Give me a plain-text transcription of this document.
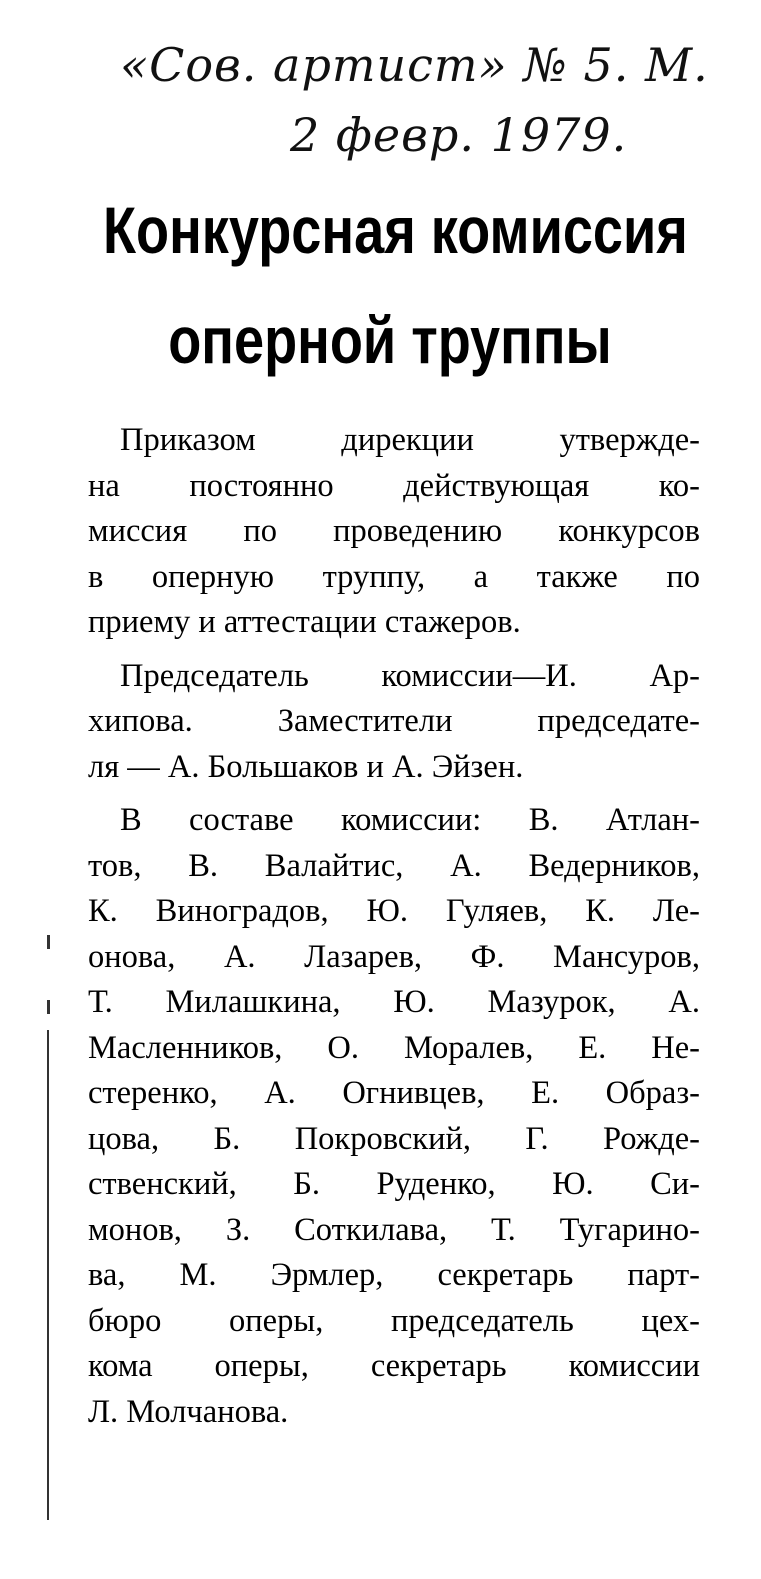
«Сов. артист» № 5. М.
2 февр. 1979.
Конкурсная комиссия
оперной труппы

Приказом дирекции утвержде-
на постоянно действующая ко-
миссия по проведению конкурсов
в оперную труппу, а также по
приему и аттестации стажеров.

Председатель комиссии—И. Ар-
хипова. Заместители председате-
ля — А. Большаков и А. Эйзен.

В составе комиссии: В. Атлан-
тов, В. Валайтис, А. Ведерников,
К. Виноградов, Ю. Гуляев, К. Ле-
онова, А. Лазарев, Ф. Мансуров,
Т. Милашкина, Ю. Мазурок, А.
Масленников, О. Моралев, Е. Не-
стеренко, А. Огнивцев, Е. Образ-
цова, Б. Покровский, Г. Рожде-
ственский, Б. Руденко, Ю. Си-
монов, З. Соткилава, Т. Тугарино-
ва, М. Эрмлер, секретарь парт-
бюро оперы, председатель цех-
кома оперы, секретарь комиссии
Л. Молчанова.
